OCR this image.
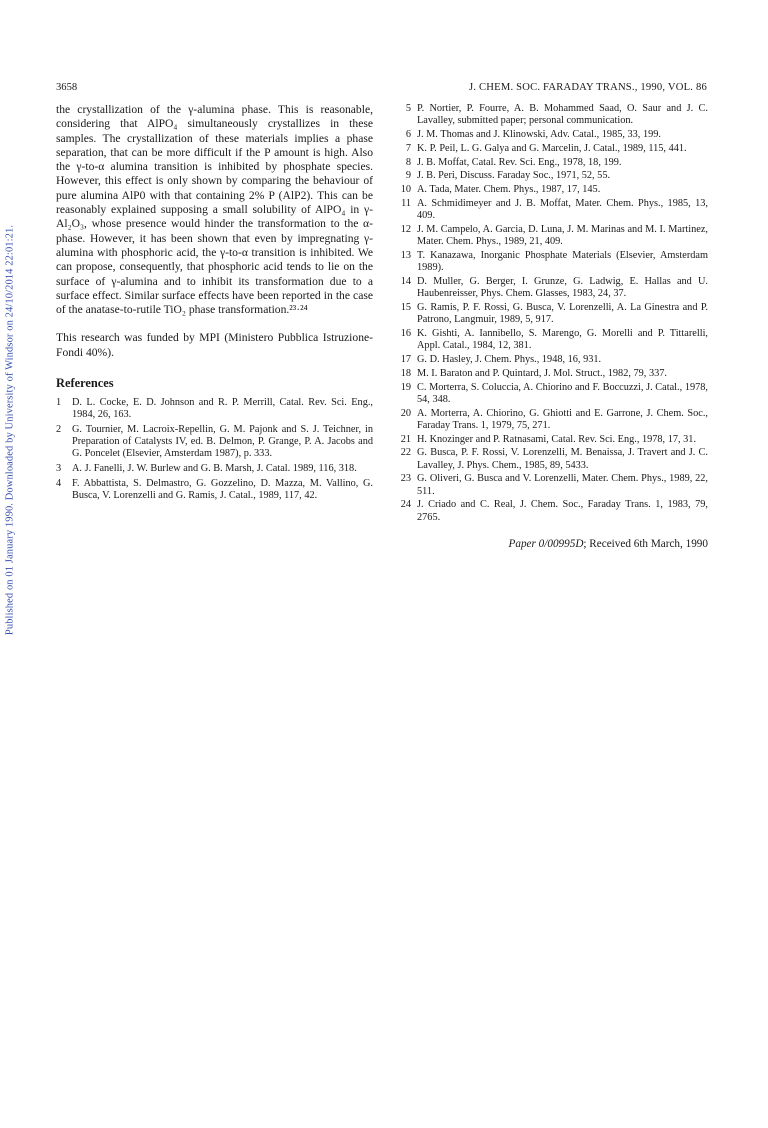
Published on 01 January 1990. Downloaded by University of Windsor on 24/10/2014 22:01:21.
3658	J. CHEM. SOC. FARADAY TRANS., 1990, VOL. 86

the crystallization of the γ-alumina phase. This is reasonable, considering that AlPO₄ simultaneously crystallizes in these samples. The crystallization of these materials implies a phase separation, that can be more difficult if the P amount is high. Also the γ-to-α alumina transition is inhibited by phosphate species. However, this effect is only shown by comparing the behaviour of pure alumina AlP0 with that containing 2% P (AlP2). This can be reasonably explained supposing a small solubility of AlPO₄ in γ-Al₂O₃, whose presence would hinder the transformation to the α-phase. However, it has been shown that even by impregnating γ-alumina with phosphoric acid, the γ-to-α transition is inhibited. We can propose, consequently, that phosphoric acid tends to lie on the surface of γ-alumina and to inhibit its transformation due to a surface effect. Similar surface effects have been reported in the case of the anatase-to-rutile TiO₂ phase transformation.²³·²⁴

This research was funded by MPI (Ministero Pubblica Istruzione-Fondi 40%).

References
1	D. L. Cocke, E. D. Johnson and R. P. Merrill, Catal. Rev. Sci. Eng., 1984, 26, 163.
2	G. Tournier, M. Lacroix-Repellin, G. M. Pajonk and S. J. Teichner, in Preparation of Catalysts IV, ed. B. Delmon, P. Grange, P. A. Jacobs and G. Poncelet (Elsevier, Amsterdam 1987), p. 333.
3	A. J. Fanelli, J. W. Burlew and G. B. Marsh, J. Catal. 1989, 116, 318.
4	F. Abbattista, S. Delmastro, G. Gozzelino, D. Mazza, M. Vallino, G. Busca, V. Lorenzelli and G. Ramis, J. Catal., 1989, 117, 42.
5 P. Nortier, P. Fourre, A. B. Mohammed Saad, O. Saur and J. C. Lavalley, submitted paper; personal communication.
6 J. M. Thomas and J. Klinowski, Adv. Catal., 1985, 33, 199.
7 K. P. Peil, L. G. Galya and G. Marcelin, J. Catal., 1989, 115, 441.
8 J. B. Moffat, Catal. Rev. Sci. Eng., 1978, 18, 199.
9 J. B. Peri, Discuss. Faraday Soc., 1971, 52, 55.
10 A. Tada, Mater. Chem. Phys., 1987, 17, 145.
11 A. Schmidimeyer and J. B. Moffat, Mater. Chem. Phys., 1985, 13, 409.
12 J. M. Campelo, A. Garcia, D. Luna, J. M. Marinas and M. I. Martinez, Mater. Chem. Phys., 1989, 21, 409.
13 T. Kanazawa, Inorganic Phosphate Materials (Elsevier, Amsterdam 1989).
14 D. Muller, G. Berger, I. Grunze, G. Ladwig, E. Hallas and U. Haubenreisser, Phys. Chem. Glasses, 1983, 24, 37.
15 G. Ramis, P. F. Rossi, G. Busca, V. Lorenzelli, A. La Ginestra and P. Patrono, Langmuir, 1989, 5, 917.
16 K. Gishti, A. Iannibello, S. Marengo, G. Morelli and P. Tittarelli, Appl. Catal., 1984, 12, 381.
17 G. D. Hasley, J. Chem. Phys., 1948, 16, 931.
18 M. I. Baraton and P. Quintard, J. Mol. Struct., 1982, 79, 337.
19 C. Morterra, S. Coluccia, A. Chiorino and F. Boccuzzi, J. Catal., 1978, 54, 348.
20 A. Morterra, A. Chiorino, G. Ghiotti and E. Garrone, J. Chem. Soc., Faraday Trans. 1, 1979, 75, 271.
21 H. Knozinger and P. Ratnasami, Catal. Rev. Sci. Eng., 1978, 17, 31.
22 G. Busca, P. F. Rossi, V. Lorenzelli, M. Benaissa, J. Travert and J. C. Lavalley, J. Phys. Chem., 1985, 89, 5433.
23 G. Oliveri, G. Busca and V. Lorenzelli, Mater. Chem. Phys., 1989, 22, 511.
24 J. Criado and C. Real, J. Chem. Soc., Faraday Trans. 1, 1983, 79, 2765.
Paper 0/00995D; Received 6th March, 1990
